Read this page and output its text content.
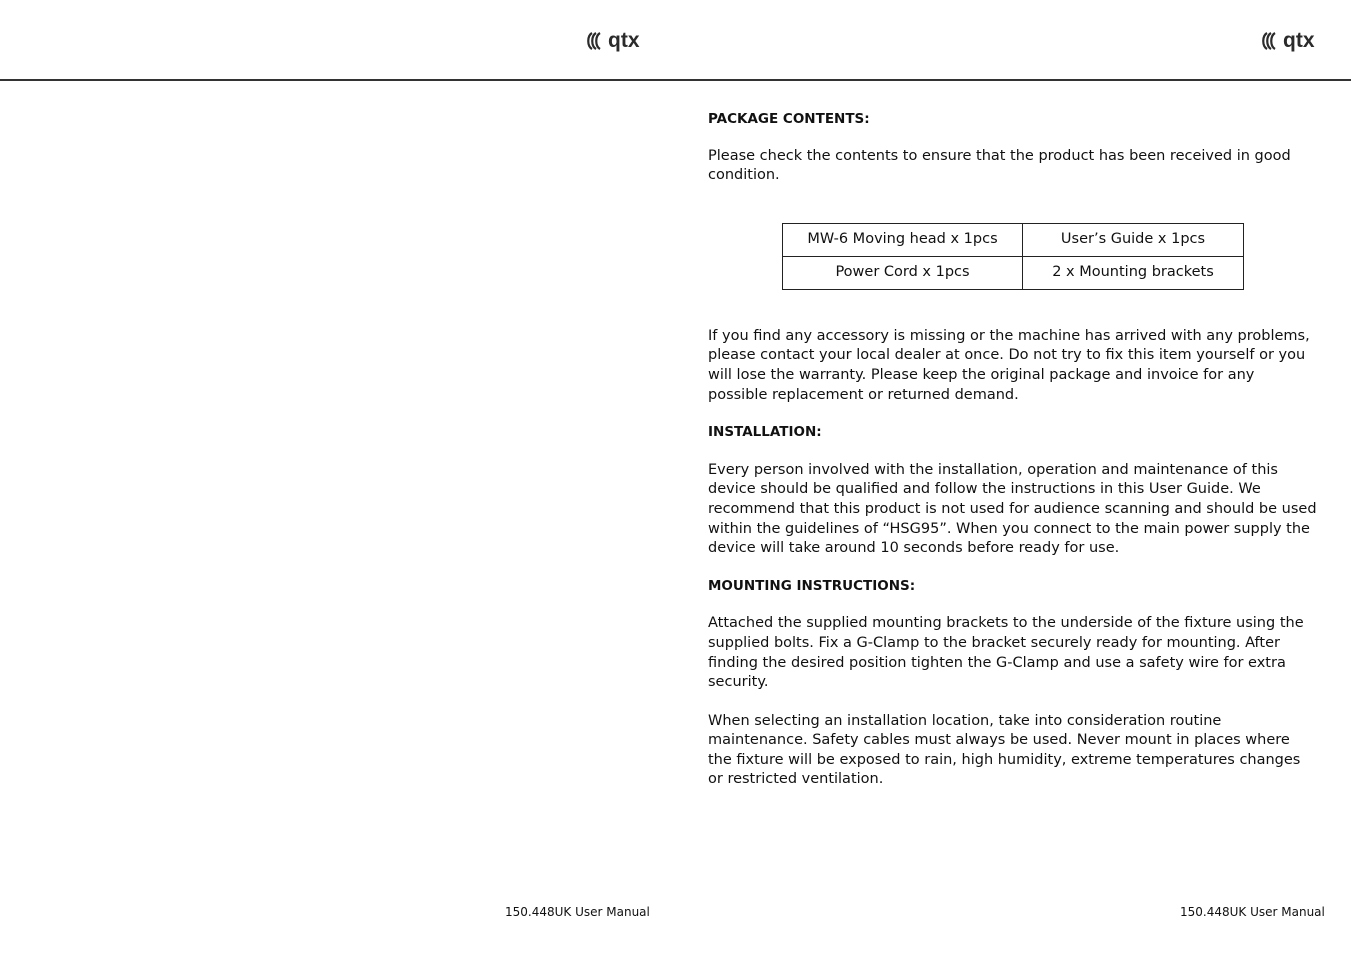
qtx	qtx

PACKAGE CONTENTS:

Please check the contents to ensure that the product has been received in good condition.

MW-6 Moving head x 1pcs	User’s Guide x 1pcs
Power Cord x 1pcs	2 x Mounting brackets

If you find any accessory is missing or the machine has arrived with any problems, please contact your local dealer at once. Do not try to fix this item yourself or you will lose the warranty. Please keep the original package and invoice for any possible replacement or returned demand.

INSTALLATION:

Every person involved with the installation, operation and maintenance of this device should be qualified and follow the instructions in this User Guide. We recommend that this product is not used for audience scanning and should be used within the guidelines of “HSG95”. When you connect to the main power supply the device will take around 10 seconds before ready for use.

MOUNTING INSTRUCTIONS:

Attached the supplied mounting brackets to the underside of the fixture using the supplied bolts. Fix a G-Clamp to the bracket securely ready for mounting. After finding the desired position tighten the G-Clamp and use a safety wire for extra security.

When selecting an installation location, take into consideration routine maintenance. Safety cables must always be used. Never mount in places where the fixture will be exposed to rain, high humidity, extreme temperatures changes or restricted ventilation.

150.448UK User Manual	150.448UK User Manual
